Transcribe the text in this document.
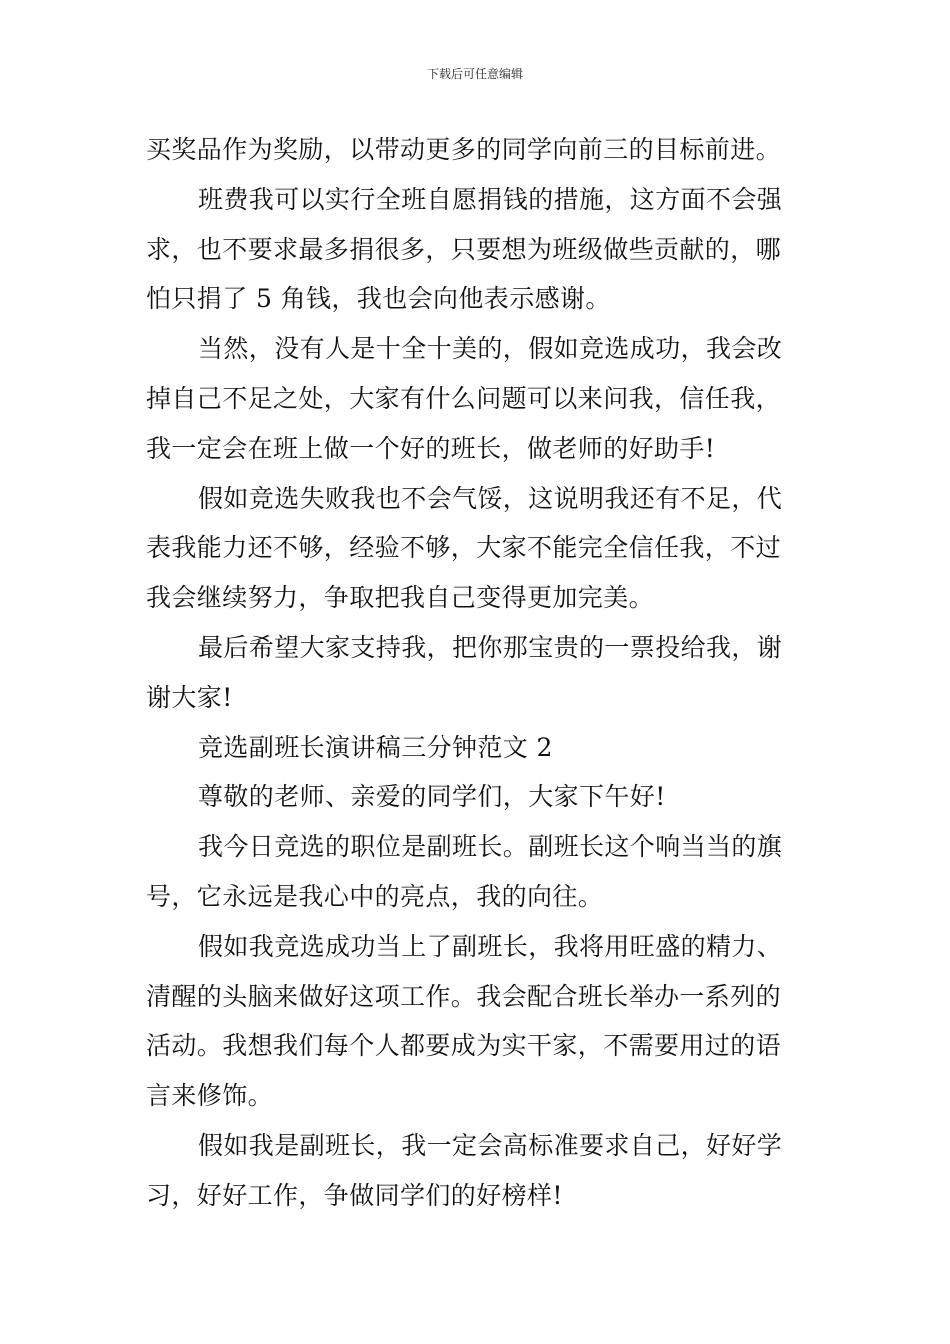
下载后可任意编辑
买奖品作为奖励，以带动更多的同学向前三的目标前进。
班费我可以实行全班自愿捐钱的措施，这方面不会强
求，也不要求最多捐很多，只要想为班级做些贡献的，哪
怕只捐了 5 角钱，我也会向他表示感谢。
当然，没有人是十全十美的，假如竞选成功，我会改
掉自己不足之处，大家有什么问题可以来问我，信任我，
我一定会在班上做一个好的班长，做老师的好助手!
假如竞选失败我也不会气馁，这说明我还有不足，代
表我能力还不够，经验不够，大家不能完全信任我，不过
我会继续努力，争取把我自己变得更加完美。
最后希望大家支持我，把你那宝贵的一票投给我，谢
谢大家!
竞选副班长演讲稿三分钟范文 2
尊敬的老师、亲爱的同学们，大家下午好!
我今日竞选的职位是副班长。副班长这个响当当的旗
号，它永远是我心中的亮点，我的向往。
假如我竞选成功当上了副班长，我将用旺盛的精力、
清醒的头脑来做好这项工作。我会配合班长举办一系列的
活动。我想我们每个人都要成为实干家，不需要用过的语
言来修饰。
假如我是副班长，我一定会高标准要求自己，好好学
习，好好工作，争做同学们的好榜样!
